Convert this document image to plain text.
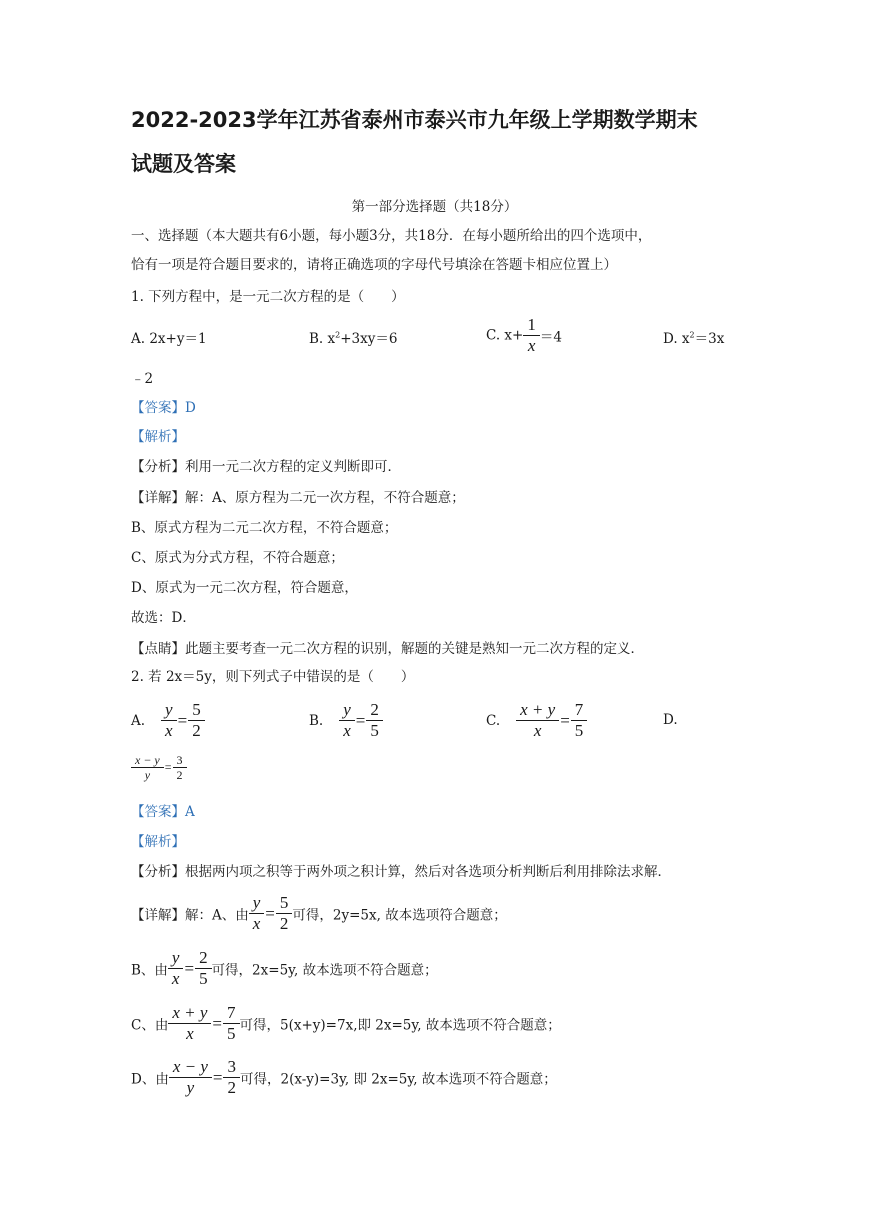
2022-2023学年江苏省泰州市泰兴市九年级上学期数学期末
试题及答案
第一部分选择题（共18分）
一、选择题（本大题共有6小题，每小题3分，共18分．在每小题所给出的四个选项中，
恰有一项是符合题目要求的，请将正确选项的字母代号填涂在答题卡相应位置上）
1. 下列方程中，是一元二次方程的是（　　）
A. 2x+y＝1	B. $x^2+3xy=6$	C. $x+ \frac{1}{x} =4$	D. $x^2=3x$
﹣2
【答案】D
【解析】
【分析】利用一元二次方程的定义判断即可．
【详解】解：A、原方程为二元一次方程，不符合题意；
B、原式方程为二元二次方程，不符合题意；
C、原式为分式方程，不符合题意；
D、原式为一元二次方程，符合题意，
故选：D．
【点睛】此题主要考查一元二次方程的识别，解题的关键是熟知一元二次方程的定义．
2. 若 2x＝5y，则下列式子中错误的是（　　）
A. $\frac{y}{x} = \frac{5}{2}$	B. $\frac{y}{x} = \frac{2}{5}$	C. $\frac{x + y}{x} = \frac{7}{5}$	D.
$\frac{x - y}{y} = \frac{3}{2}$
【答案】A
【解析】
【分析】根据两内项之积等于两外项之积计算，然后对各选项分析判断后利用排除法求解．
【详解】解：A、由 $\frac{y}{x} = \frac{5}{2}$ 可得，2y=5x, 故本选项符合题意；
B、由 $\frac{y}{x} = \frac{2}{5}$ 可得，2x=5y, 故本选项不符合题意；
C、由 $\frac{x + y}{x} = \frac{7}{5}$ 可得，5(x+y)=7x,即 2x=5y, 故本选项不符合题意；
D、由 $\frac{x - y}{y} = \frac{3}{2}$ 可得，2(x-y)=3y, 即 2x=5y, 故本选项不符合题意；
